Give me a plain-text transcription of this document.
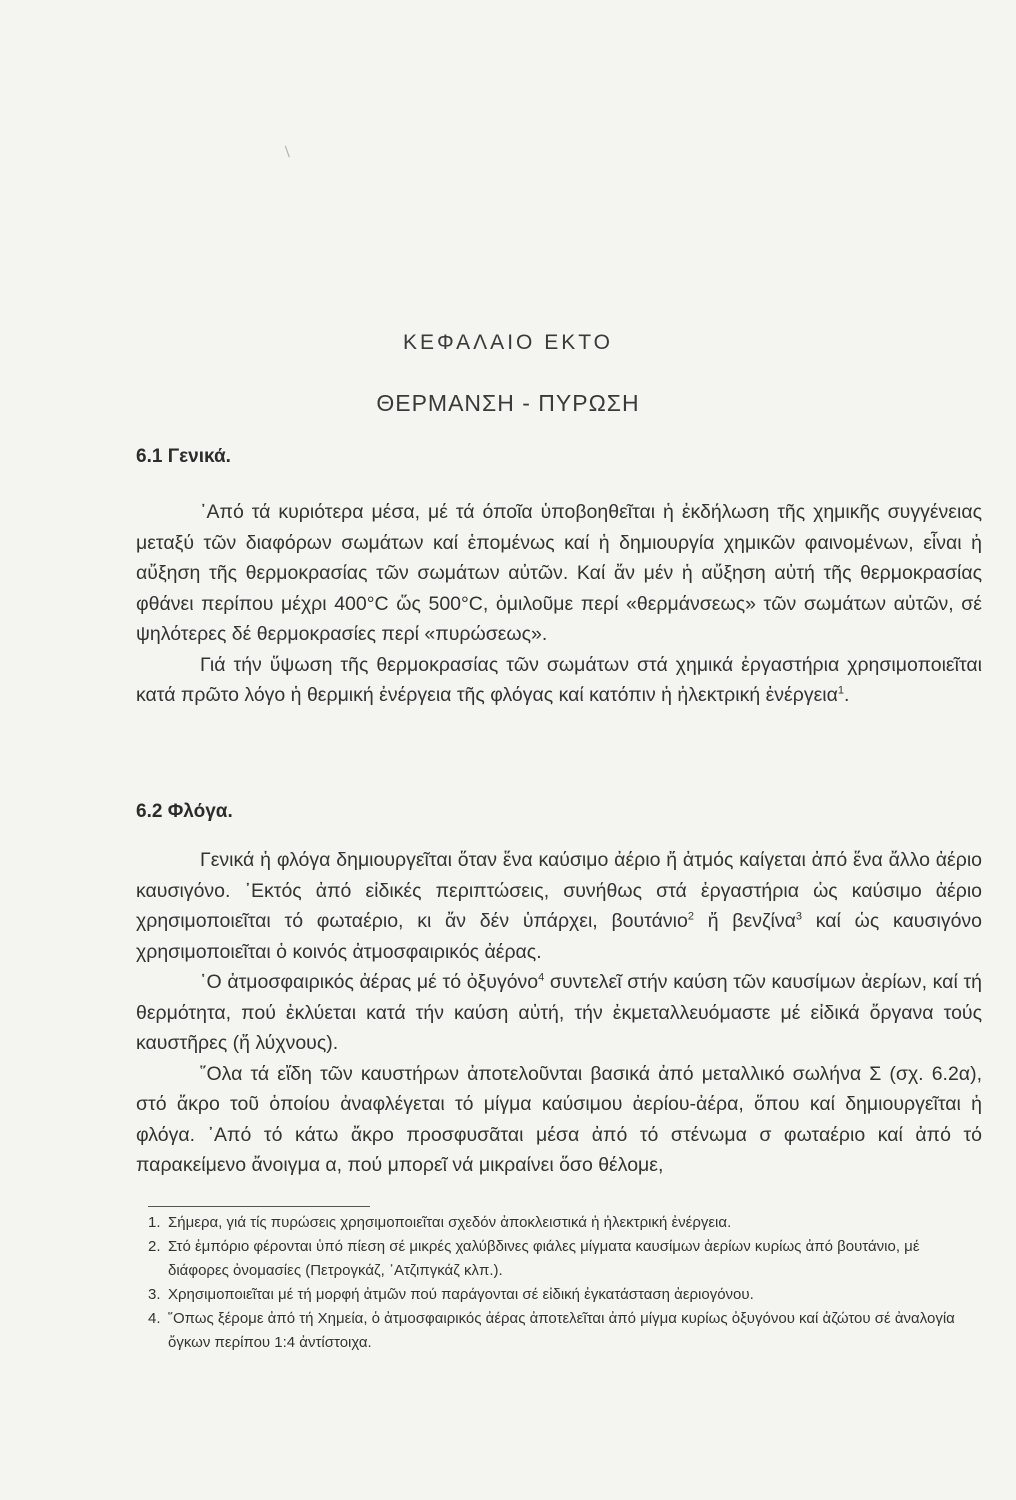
/
ΚΕΦΑΛΑΙΟ ΕΚΤΟ
ΘΕΡΜΑΝΣΗ - ΠΥΡΩΣΗ
6.1 Γενικά.

᾽Από τά κυριότερα μέσα, μέ τά όποῖα ὑποβοηθεῖται ἡ ἐκδήλωση τῆς χημικῆς συγγένειας μεταξύ τῶν διαφόρων σωμάτων καί ἑπομένως καί ἡ δημιουργία χημικῶν φαινομένων, εἶναι ἡ αὔξηση τῆς θερμοκρασίας τῶν σωμάτων αὐτῶν. Καί ἄν μέν ἡ αὔξηση αὐτή τῆς θερμοκρασίας φθάνει περίπου μέχρι 400°C ὥς 500°C, ὁμιλοῦμε περί «θερμάνσεως» τῶν σωμάτων αὐτῶν, σέ ψηλότερες δέ θερμοκρασίες περί «πυρώσεως».

Γιά τήν ὕψωση τῆς θερμοκρασίας τῶν σωμάτων στά χημικά ἐργαστήρια χρησιμοποιεῖται κατά πρῶτο λόγο ἡ θερμική ἐνέργεια τῆς φλόγας καί κατόπιν ἡ ἠλεκτρική ἐνέργεια$^1$.

6.2 Φλόγα.

Γενικά ἡ φλόγα δημιουργεῖται ὅταν ἕνα καύσιμο ἀέριο ἤ ἀτμός καίγεται ἀπό ἕνα ἄλλο ἀέριο καυσιγόνο. ᾽Εκτός ἀπό εἰδικές περιπτώσεις, συνήθως στά ἐργαστήρια ὡς καύσιμο ἀέριο χρησιμοποιεῖται τό φωταέριο, κι ἄν δέν ὑπάρχει, βουτάνιο$^2$ ἤ βενζίνα$^3$ καί ὡς καυσιγόνο χρησιμοποιεῖται ὁ κοινός ἀτμοσφαιρικός ἀέρας.

῾Ο ἀτμοσφαιρικός ἀέρας μέ τό ὀξυγόνο$^4$ συντελεῖ στήν καύση τῶν καυσίμων ἀερίων, καί τή θερμότητα, πού ἐκλύεται κατά τήν καύση αὐτή, τήν ἐκμεταλλευόμαστε μέ εἰδικά ὄργανα τούς καυστῆρες (ἤ λύχνους).

῞Ολα τά εἴδη τῶν καυστήρων ἀποτελοῦνται βασικά ἀπό μεταλλικό σωλήνα Σ (σχ. 6.2α), στό ἄκρο τοῦ ὁποίου ἀναφλέγεται τό μίγμα καύσιμου ἀερίου-ἀέρα, ὅπου καί δημιουργεῖται ἡ φλόγα. ᾽Από τό κάτω ἄκρο προσφυσᾶται μέσα ἀπό τό στένωμα σ φωταέριο καί ἀπό τό παρακείμενο ἄνοιγμα α, πού μπορεῖ νά μικραίνει ὅσο θέλομε,

1. Σήμερα, γιά τίς πυρώσεις χρησιμοποιεῖται σχεδόν ἀποκλειστικά ἡ ἠλεκτρική ἐνέργεια.
2. Στό ἐμπόριο φέρονται ὑπό πίεση σέ μικρές χαλύβδινες φιάλες μίγματα καυσίμων ἀερίων κυρίως ἀπό βουτάνιο, μέ διάφορες ὀνομασίες (Πετρογκάζ, ᾽Ατζιπγκάζ κλπ.).
3. Χρησιμοποιεῖται μέ τή μορφή ἀτμῶν πού παράγονται σέ εἰδική ἐγκατάσταση ἀεριογόνου.
4. ῞Οπως ξέρομε ἀπό τή Χημεία, ὁ ἀτμοσφαιρικός ἀέρας ἀποτελεῖται ἀπό μίγμα κυρίως ὀξυγόνου καί ἀζώτου σέ ἀναλογία ὄγκων περίπου 1:4 ἀντίστοιχα.
